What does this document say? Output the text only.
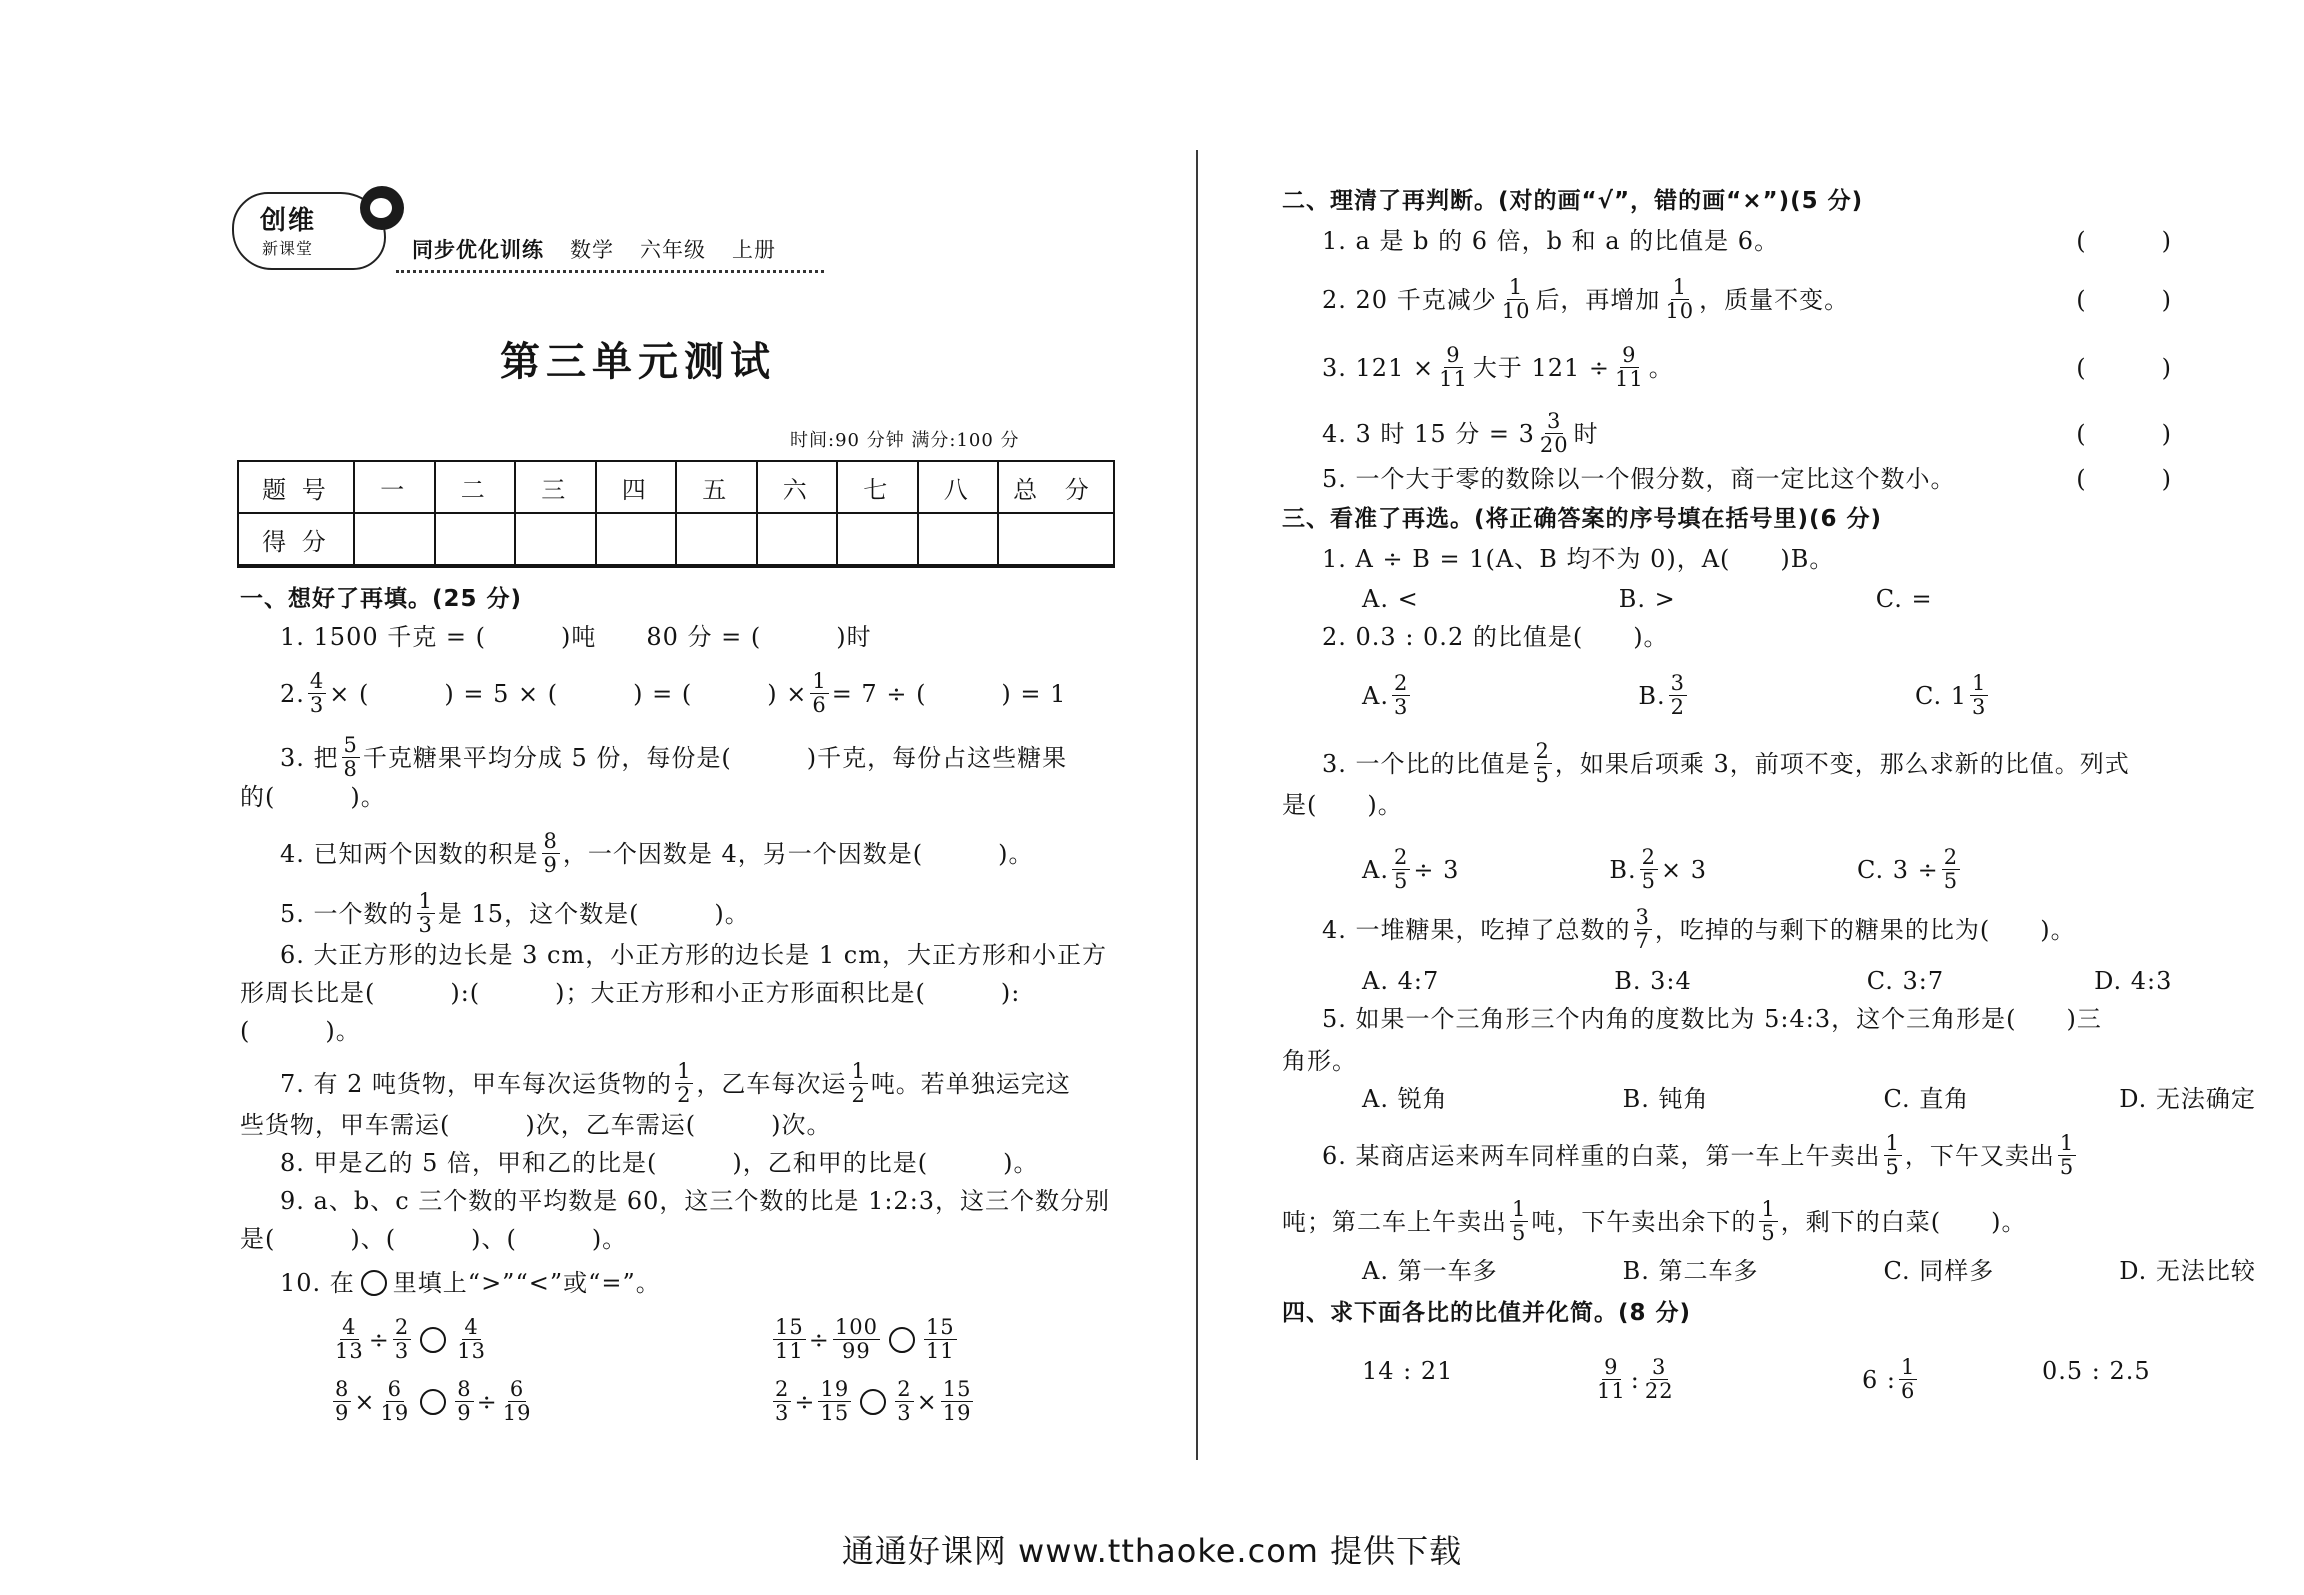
创维
新课堂	同步优化训练 数学 六年级 上册
第三单元测试
时间:90 分钟 满分:100 分
题 号	一	二	三	四	五	六	七	八	总 分
得 分									
一、想好了再填。(25 分)
1. 1500 千克 = (　　　)吨　　80 分 = (　　　)时
2. $\frac{4}{3}$ × (　　　) = 5 × (　　　) = (　　　) × $\frac{1}{6} = 7$ ÷ (　　　) = 1
3. 把 $\frac{5}{8}$ 千克糖果平均分成 5 份，每份是(　　　)千克，每份占这些糖果
的(　　　)。
4. 已知两个因数的积是 $\frac{8}{9}$ ，一个因数是 4，另一个因数是(　　　)。
5. 一个数的 $\frac{1}{3}$ 是 15，这个数是(　　　)。
6. 大正方形的边长是 3 cm，小正方形的边长是 1 cm，大正方形和小正方
形周长比是(　　　):(　　　)；大正方形和小正方形面积比是(　　　):
(　　　)。
7. 有 2 吨货物，甲车每次运货物的 $\frac{1}{2}$ ，乙车每次运 $\frac{1}{2}$ 吨。若单独运完这
些货物，甲车需运(　　　)次，乙车需运(　　　)次。
8. 甲是乙的 5 倍，甲和乙的比是(　　　)，乙和甲的比是(　　　)。
9. a、b、c 三个数的平均数是 60，这三个数的比是 1:2:3，这三个数分别
是(　　　)、(　　　)、(　　　)。
10. 在 里填上“>”“<”或“=”。
$\frac{4}{13} \div \frac{2}{3} \frac{4}{13}$	$\frac{15}{11} \div \frac{100}{99} \frac{15}{11}$
$\frac{8}{9} \times \frac{6}{19} \frac{8}{9} \div \frac{6}{19}$	$\frac{2}{3} \div \frac{19}{15} \frac{2}{3} \times \frac{15}{19}$
二、理清了再判断。(对的画“√”，错的画“×”)(5 分)
1. a 是 b 的 6 倍，b 和 a 的比值是 6。	(　　　)
2. 20 千克减少 $\frac{1}{10}$ 后，再增加 $\frac{1}{10}$ ，质量不变。	(　　　)
3. $121 \times \frac{9}{11}$ 大于 $121 \div \frac{9}{11}$ 。	(　　　)
4. 3 时 15 分 = $3 \frac{3}{20}$ 时	(　　　)
5. 一个大于零的数除以一个假分数，商一定比这个数小。	(　　　)
三、看准了再选。(将正确答案的序号填在括号里)(6 分)
1. A ÷ B = 1(A、B 均不为 0)，A(　　)B。
A. <　　　　　　　　B. >　　　　　　　　C. =
2. 0.3 : 0.2 的比值是(　　)。
A. $\frac{2}{3}$ 　　　　　　　　　B. $\frac{3}{2}$ 　　　　　　　　　C. $1 \frac{1}{3}$
3. 一个比的比值是 $\frac{2}{5}$ ，如果后项乘 3，前项不变，那么求新的比值。列式
是(　　)。
A. $\frac{2}{5} \div 3$　　　　　　B. $\frac{2}{5} \times 3$　　　　　　C. $3 \div \frac{2}{5}$
4. 一堆糖果，吃掉了总数的 $\frac{3}{7}$ ，吃掉的与剩下的糖果的比为(　　)。
A. 4:7　　　　　　　B. 3:4　　　　　　　C. 3:7　　　　　　D. 4:3
5. 如果一个三角形三个内角的度数比为 5:4:3，这个三角形是(　　)三
角形。
A. 锐角　　　　　　　B. 钝角　　　　　　　C. 直角　　　　　　D. 无法确定
6. 某商店运来两车同样重的白菜，第一车上午卖出 $\frac{1}{5}$ ，下午又卖出 $\frac{1}{5}$
吨；第二车上午卖出 $\frac{1}{5}$ 吨，下午卖出余下的 $\frac{1}{5}$ ，剩下的白菜(　　)。
A. 第一车多　　　　　B. 第二车多　　　　　C. 同样多　　　　　D. 无法比较
四、求下面各比的比值并化简。(8 分)
14 : 21	$\frac{9}{11}$ : $\frac{3}{22}$	6 : $\frac{1}{6}$	0.5 : 2.5
通通好课网 www.tthaoke.com 提供下载
